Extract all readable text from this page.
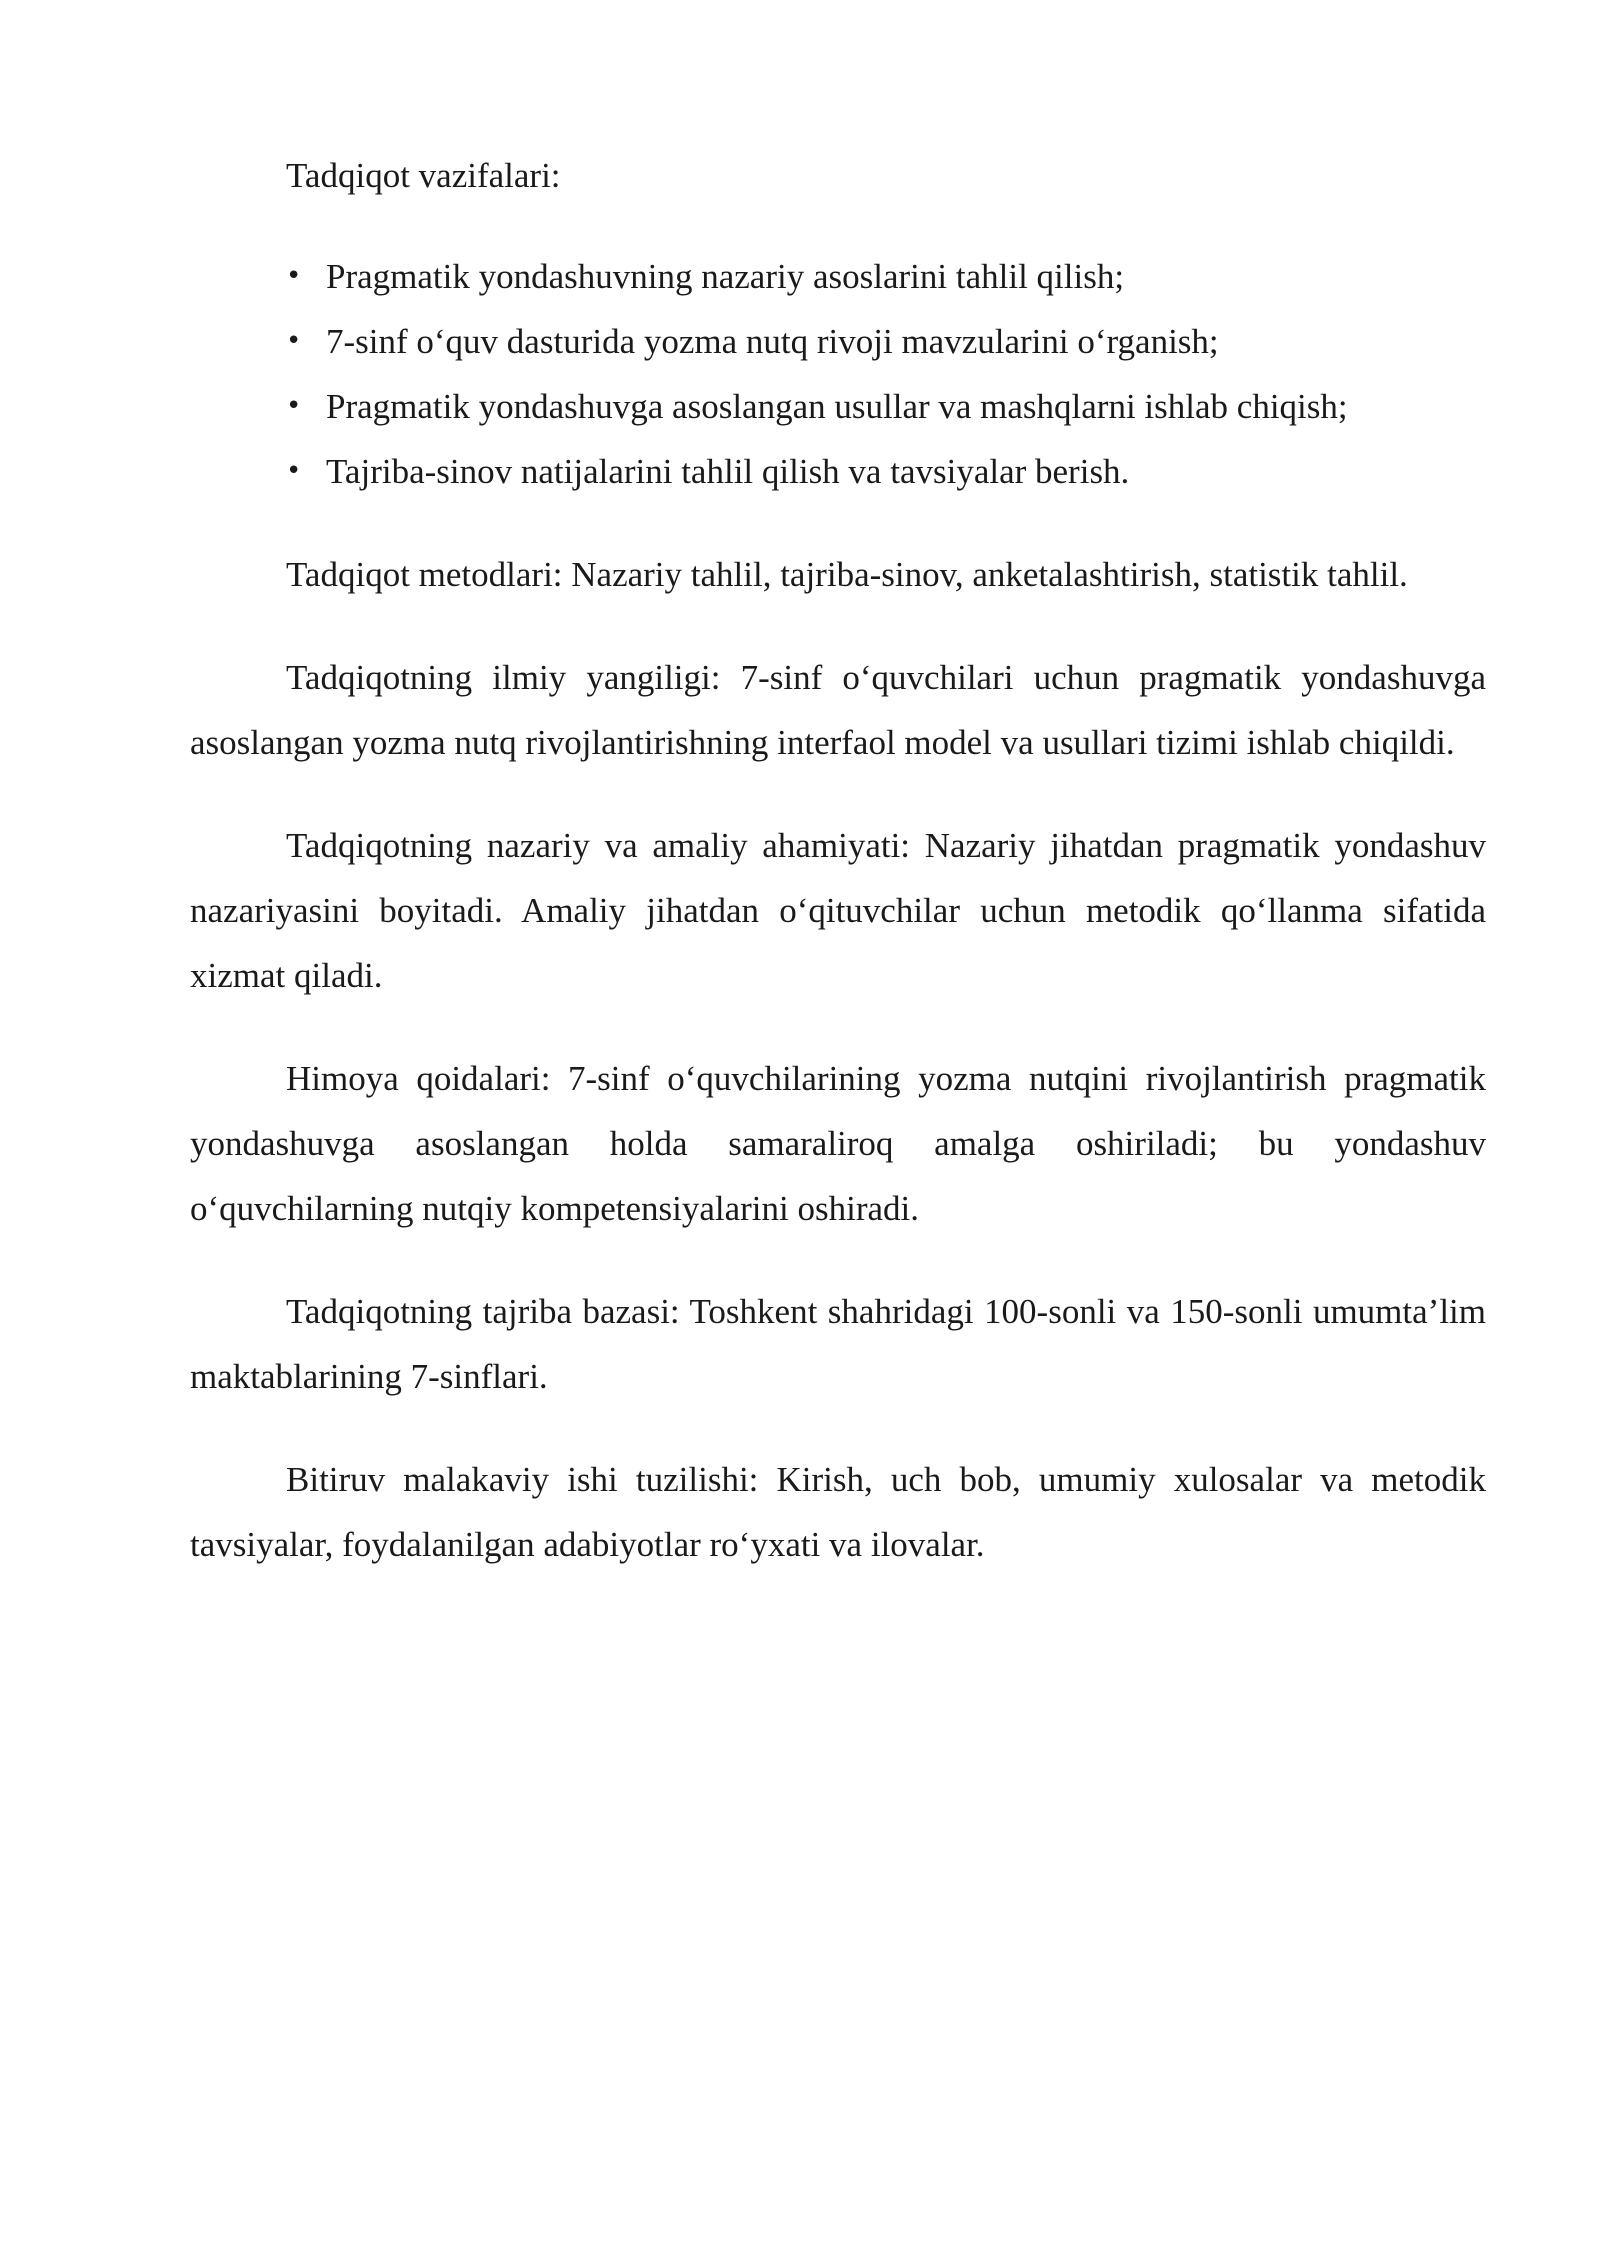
Tadqiqot vazifalari:

• Pragmatik yondashuvning nazariy asoslarini tahlil qilish;
• 7-sinf o‘quv dasturida yozma nutq rivoji mavzularini o‘rganish;
• Pragmatik yondashuvga asoslangan usullar va mashqlarni ishlab chiqish;
• Tajriba-sinov natijalarini tahlil qilish va tavsiyalar berish.

Tadqiqot metodlari: Nazariy tahlil, tajriba-sinov, anketalashtirish, statistik tahlil.

Tadqiqotning ilmiy yangiligi: 7-sinf o‘quvchilari uchun pragmatik yondashuvga asoslangan yozma nutq rivojlantirishning interfaol model va usullari tizimi ishlab chiqildi.

Tadqiqotning nazariy va amaliy ahamiyati: Nazariy jihatdan pragmatik yondashuv nazariyasini boyitadi. Amaliy jihatdan o‘qituvchilar uchun metodik qo‘llanma sifatida xizmat qiladi.

Himoya qoidalari: 7-sinf o‘quvchilarining yozma nutqini rivojlantirish pragmatik yondashuvga asoslangan holda samaraliroq amalga oshiriladi; bu yondashuv o‘quvchilarning nutqiy kompetensiyalarini oshiradi.

Tadqiqotning tajriba bazasi: Toshkent shahridagi 100-sonli va 150-sonli umumta’lim maktablarining 7-sinflari.

Bitiruv malakaviy ishi tuzilishi: Kirish, uch bob, umumiy xulosalar va metodik tavsiyalar, foydalanilgan adabiyotlar ro‘yxati va ilovalar.
